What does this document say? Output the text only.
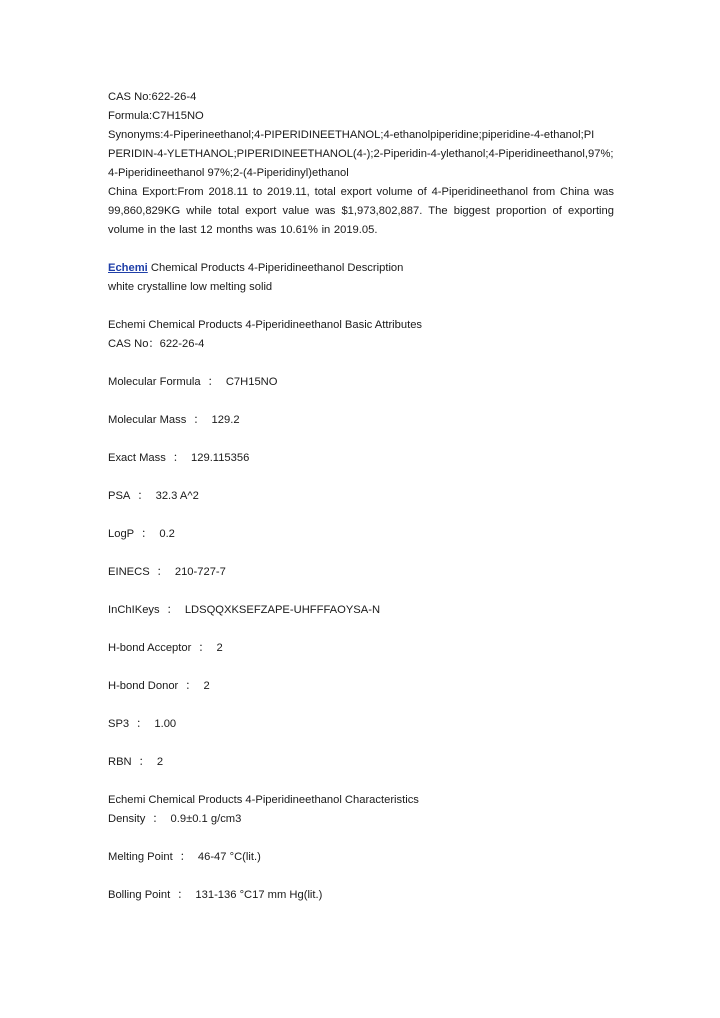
CAS No:622-26-4
Formula:C7H15NO
Synonyms:4-Piperineethanol;4-PIPERIDINEETHANOL;4-ethanolpiperidine;piperidine-4-ethanol;PI
PERIDIN-4-YLETHANOL;PIPERIDINEETHANOL(4-);2-Piperidin-4-ylethanol;4-Piperidineethanol,97%;
4-Piperidineethanol 97%;2-(4-Piperidinyl)ethanol
China Export:From 2018.11 to 2019.11, total export volume of 4-Piperidineethanol from China was 99,860,829KG while total export value was $1,973,802,887. The biggest proportion of exporting volume in the last 12 months was 10.61% in 2019.05.
Echemi Chemical Products 4-Piperidineethanol Description
white crystalline low melting solid
Echemi Chemical Products 4-Piperidineethanol Basic Attributes
CAS No：622-26-4
Molecular Formula ： C7H15NO
Molecular Mass ： 129.2
Exact Mass ： 129.115356
PSA ： 32.3 A^2
LogP ： 0.2
EINECS ： 210-727-7
InChIKeys ： LDSQQXKSEFZAPE-UHFFFAOYSA-N
H-bond Acceptor ： 2
H-bond Donor ： 2
SP3 ： 1.00
RBN ： 2
Echemi Chemical Products 4-Piperidineethanol Characteristics
Density ： 0.9±0.1 g/cm3
Melting Point ： 46-47 °C(lit.)
Bolling Point ： 131-136 °C17 mm Hg(lit.)
